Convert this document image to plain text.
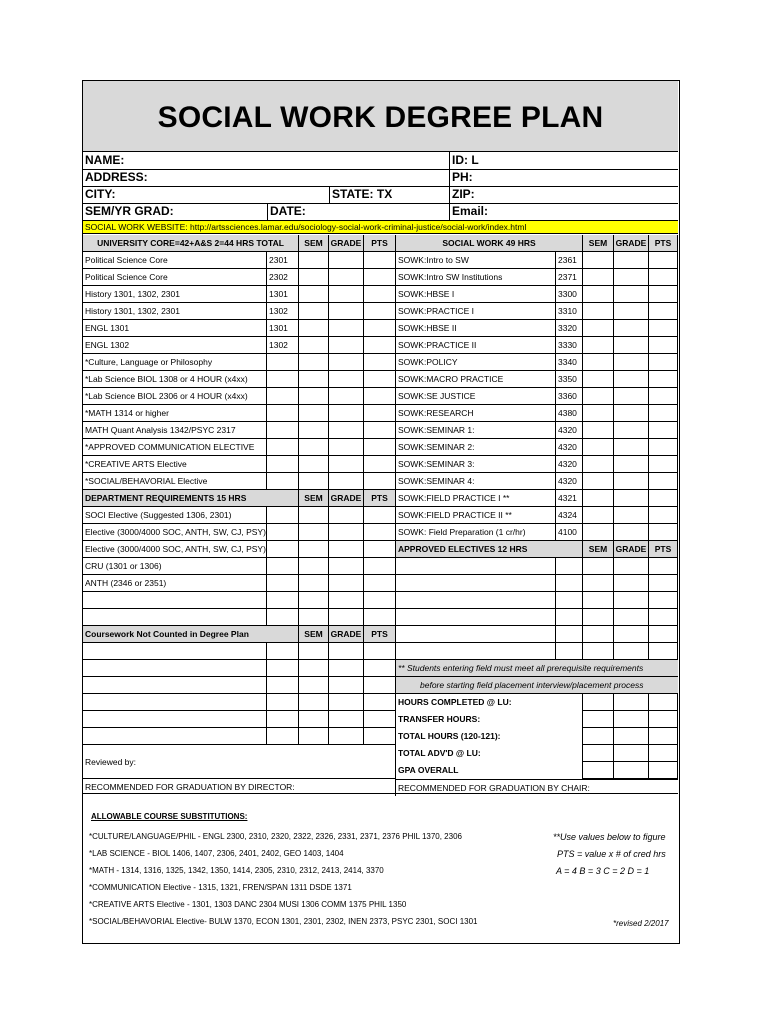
SOCIAL WORK DEGREE PLAN
NAME:	ID: L
ADDRESS:	PH:
CITY:	STATE: TX	ZIP:
SEM/YR GRAD:	DATE:	Email:
SOCIAL WORK WEBSITE: http://artssciences.lamar.edu/sociology-social-work-criminal-justice/social-work/index.html
UNIVERSITY CORE=42+A&S 2=44 HRS TOTAL	SEM GRADE	PTS
Political Science Core	2301
Political Science Core	2302
History 1301, 1302, 2301	1301
History 1301, 1302, 2301	1302
ENGL 1301	1301
ENGL 1302	1302
*Culture, Language or Philosophy
*Lab Science BIOL 1308 or 4 HOUR (x4xx)
*Lab Science BIOL 2306 or 4 HOUR (x4xx)
*MATH 1314 or higher
MATH Quant Analysis 1342/PSYC 2317
*APPROVED COMMUNICATION ELECTIVE
*CREATIVE ARTS Elective
*SOCIAL/BEHAVORIAL Elective
DEPARTMENT REQUIREMENTS 15 HRS	SEM GRADE	PTS
SOCI Elective (Suggested 1306, 2301)
Elective (3000/4000 SOC, ANTH, SW, CJ, PSY)
Elective (3000/4000 SOC, ANTH, SW, CJ, PSY)
CRU (1301 or 1306)
ANTH (2346 or 2351)
Coursework Not Counted in Degree Plan	SEM GRADE	PTS
Reviewed by:
RECOMMENDED FOR GRADUATION BY DIRECTOR:
SOCIAL WORK 49 HRS	SEM GRADE PTS
SOWK:Intro to SW	2361
SOWK:Intro SW Institutions	2371
SOWK:HBSE I	3300
SOWK:PRACTICE I	3310
SOWK:HBSE II	3320
SOWK:PRACTICE II	3330
SOWK:POLICY	3340
SOWK:MACRO PRACTICE	3350
SOWK:SE JUSTICE	3360
SOWK:RESEARCH	4380
SOWK:SEMINAR 1:	4320
SOWK:SEMINAR 2:	4320
SOWK:SEMINAR 3:	4320
SOWK:SEMINAR 4:	4320
SOWK:FIELD PRACTICE I **	4321
SOWK:FIELD PRACTICE II **	4324
SOWK: Field Preparation (1 cr/hr)	4100
APPROVED ELECTIVES 12 HRS	SEM GRADE PTS
** Students entering field must meet all prerequisite requirements
before starting field placement interview/placement process
HOURS COMPLETED @ LU:
TRANSFER HOURS:
TOTAL HOURS (120-121):
TOTAL ADV'D @ LU:
GPA OVERALL
RECOMMENDED FOR GRADUATION BY CHAIR:
ALLOWABLE COURSE SUBSTITUTIONS:
*CULTURE/LANGUAGE/PHIL - ENGL 2300, 2310, 2320, 2322, 2326, 2331, 2371, 2376 PHIL 1370, 2306
*LAB SCIENCE - BIOL 1406, 1407, 2306, 2401, 2402, GEO 1403, 1404
*MATH - 1314, 1316, 1325, 1342, 1350, 1414, 2305, 2310, 2312, 2413, 2414, 3370
*COMMUNICATION Elective - 1315, 1321, FREN/SPAN 1311 DSDE 1371
*CREATIVE ARTS Elective - 1301, 1303 DANC 2304 MUSI 1306 COMM 1375 PHIL 1350
*SOCIAL/BEHAVORIAL Elective- BULW 1370, ECON 1301, 2301, 2302, INEN 2373, PSYC 2301, SOCI 1301
**Use values below to figure
PTS = value x # of cred hrs
A = 4 B = 3 C = 2 D = 1
*revised 2/2017
